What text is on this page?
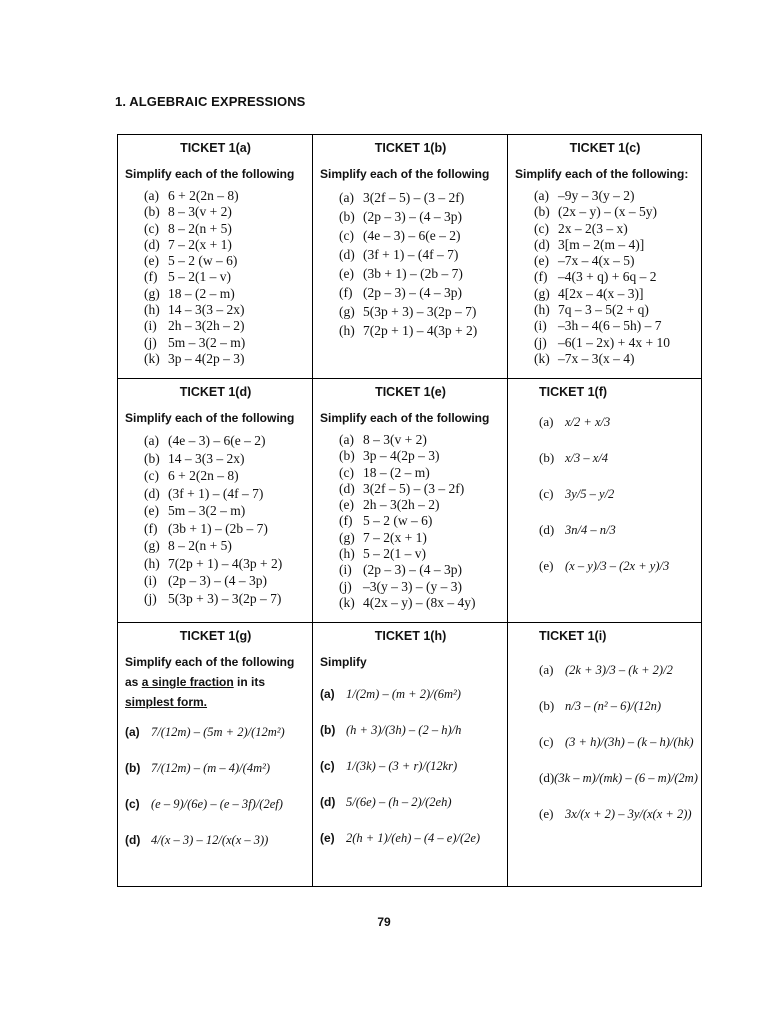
1. ALGEBRAIC EXPRESSIONS
TICKET 1(a)
Simplify each of the following
(a) 6 + 2(2n – 8)
(b) 8 – 3(v + 2)
(c) 8 – 2(n + 5)
(d) 7 – 2(x + 1)
(e) 5 – 2 (w – 6)
(f) 5 – 2(1 – v)
(g) 18 – (2 – m)
(h) 14 – 3(3 – 2x)
(i) 2h – 3(2h – 2)
(j) 5m – 3(2 – m)
(k) 3p – 4(2p – 3)
TICKET 1(b)
Simplify each of the following
(a) 3(2f – 5) – (3 – 2f)
(b) (2p – 3) – (4 – 3p)
(c) (4e – 3) – 6(e – 2)
(d) (3f + 1) – (4f – 7)
(e) (3b + 1) – (2b – 7)
(f) (2p – 3) – (4 – 3p)
(g) 5(3p + 3) – 3(2p – 7)
(h) 7(2p + 1) – 4(3p + 2)
TICKET 1(c)
Simplify each of the following:
(a) –9y – 3(y – 2)
(b) (2x – y) – (x – 5y)
(c) 2x – 2(3 – x)
(d) 3[m – 2(m – 4)]
(e) –7x – 4(x – 5)
(f) –4(3 + q) + 6q – 2
(g) 4[2x – 4(x – 3)]
(h) 7q – 3 – 5(2 + q)
(i) –3h – 4(6 – 5h) – 7
(j) –6(1 – 2x) + 4x + 10
(k) –7x – 3(x – 4)
TICKET 1(d)
Simplify each of the following
(a) (4e – 3) – 6(e – 2)
(b) 14 – 3(3 – 2x)
(c) 6 + 2(2n – 8)
(d) (3f + 1) – (4f – 7)
(e) 5m – 3(2 – m)
(f) (3b + 1) – (2b – 7)
(g) 8 – 2(n + 5)
(h) 7(2p + 1) – 4(3p + 2)
(i) (2p – 3) – (4 – 3p)
(j) 5(3p + 3) – 3(2p – 7)
TICKET 1(e)
Simplify each of the following
(a) 8 – 3(v + 2)
(b) 3p – 4(2p – 3)
(c) 18 – (2 – m)
(d) 3(2f – 5) – (3 – 2f)
(e) 2h – 3(2h – 2)
(f) 5 – 2 (w – 6)
(g) 7 – 2(x + 1)
(h) 5 – 2(1 – v)
(i) (2p – 3) – (4 – 3p)
(j) –3(y – 3) – (y – 3)
(k) 4(2x – y) – (8x – 4y)
TICKET 1(f)
(a) x/2 + x/3
(b) x/3 – x/4
(c) 3y/5 – y/2
(d) 3n/4 – n/3
(e) (x – y)/3 – (2x + y)/3
TICKET 1(g)
Simplify each of the following
as a single fraction in its
simplest form.
(a) 7/(12m) – (5m + 2)/(12m²)
(b) 7/(12m) – (m – 4)/(4m²)
(c) (e – 9)/(6e) – (e – 3f)/(2ef)
(d) 4/(x – 3) – 12/(x(x – 3))
TICKET 1(h)
Simplify
(a) 1/(2m) – (m + 2)/(6m²)
(b) (h + 3)/(3h) – (2 – h)/h
(c) 1/(3k) – (3 + r)/(12kr)
(d) 5/(6e) – (h – 2)/(2eh)
(e) 2(h + 1)/(eh) – (4 – e)/(2e)
TICKET 1(i)
(a) (2k + 3)/3 – (k + 2)/2
(b) n/3 – (n² – 6)/(12n)
(c) (3 + h)/(3h) – (k – h)/(hk)
(d) (3k – m)/(mk) – (6 – m)/(2m)
(e) 3x/(x + 2) – 3y/(x(x + 2))
79
